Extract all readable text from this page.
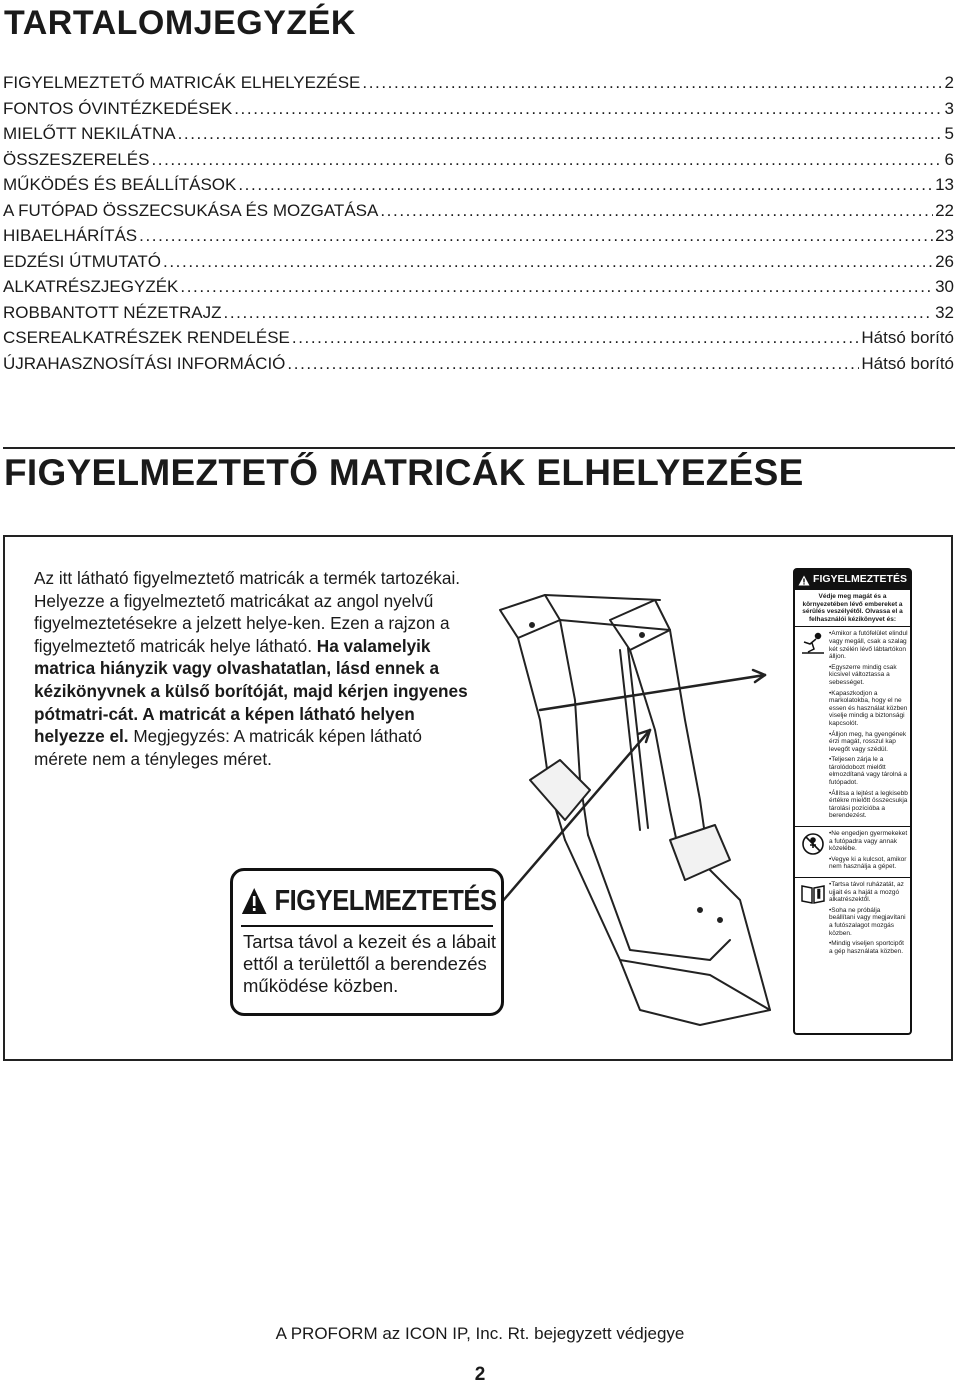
TARTALOMJEGYZÉK
FIGYELMEZTETŐ MATRICÁK ELHELYEZÉSE .....	2
FONTOS ÓVINTÉZKEDÉSEK .....	3
MIELŐTT NEKILÁTNA .....	5
ÖSSZESZERELÉS .....	6
MŰKÖDÉS ÉS BEÁLLÍTÁSOK .....	13
A FUTÓPAD ÖSSZECSUKÁSA ÉS MOZGATÁSA .....	22
HIBAELHÁRÍTÁS .....	23
EDZÉSI ÚTMUTATÓ .....	26
ALKATRÉSZJEGYZÉK .....	30
ROBBANTOTT NÉZETRAJZ .....	32
CSEREALKATRÉSZEK RENDELÉSE .....	Hátsó borító
ÚJRAHASZNOSÍTÁSI INFORMÁCIÓ .....	Hátsó borító
FIGYELMEZTETŐ MATRICÁK ELHELYEZÉSE
Az itt látható figyelmeztető matricák a termék tartozékai. Helyezze a figyelmeztető matricákat az angol nyelvű figyelmeztetésekre a jelzett helye-ken. Ezen a rajzon a figyelmeztető matricák helye látható. Ha valamelyik matrica hiányzik vagy olvashatatlan, lásd ennek a kézikönyvnek a külső borítóját, majd kérjen ingyenes pótmatri-cát. A matricát a képen látható helyen helyezze el. Megjegyzés: A matricák képen látható mérete nem a tényleges méret.
FIGYELMEZTETÉS
Tartsa távol a kezeit és a lábait ettől a területtől a berendezés működése közben.
FIGYELMEZTETÉS
Védje meg magát és a környezetében lévő embereket a sérülés veszélyétől. Olvassa el a felhasználói kézikönyvet és:

•Amikor a futófelület elindul vagy megáll, csak a szalag két szélén lévő lábtartókon álljon.

•Egyszerre mindig csak kicsivel változtassa a sebességet.

•Kapaszkodjon a markolatokba, hogy el ne essen és használat közben viselje mindig a biztonsági kapcsolót.

•Álljon meg, ha gyengének érzi magát, rosszul kap levegőt vagy szédül.

•Teljesen zárja le a tárolódobozt mielőtt elmozdítaná vagy tárolná a futópadot.

•Állítsa a lejtést a legkisebb értékre mielőtt összecsukja tárolási pozícióba a berendezést.

•Ne engedjen gyermekeket a futópadra vagy annak közelébe.

•Vegye ki a kulcsot, amikor nem használja a gépet.

•Tartsa távol ruházatát, az ujjait és a haját a mozgó alkatrészektől.

•Soha ne próbálja beállítani vagy megjavítani a futószalagot mozgás közben.

•Mindig viseljen sportcipőt a gép használata közben.

A PROFORM az ICON IP, Inc. Rt. bejegyzett védjegye
2
